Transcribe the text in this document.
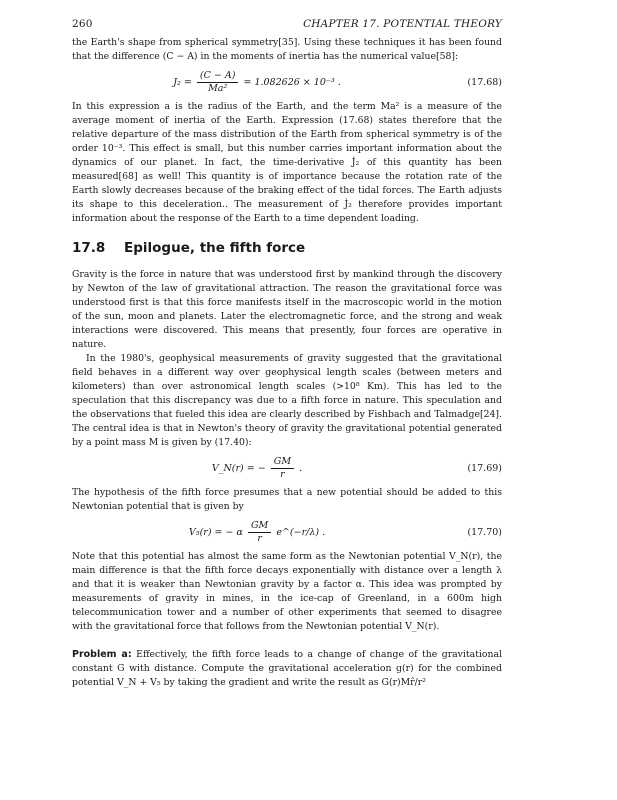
260	CHAPTER 17. POTENTIAL THEORY

the Earth's shape from spherical symmetry[35]. Using these techniques it has been found that the difference (C − A) in the moments of inertia has the numerical value[58]:

$J_2 = \frac{(C - A)}{\text{Ma²}} = 1.082626 \times 10^{-3}$ .	(17.68)

In this expression a is the radius of the Earth, and the term Ma² is a measure of the average moment of inertia of the Earth. Expression (17.68) states therefore that the relative departure of the mass distribution of the Earth from spherical symmetry is of the order 10⁻³. This effect is small, but this number carries important information about the dynamics of our planet. In fact, the time-derivative J̇₂ of this quantity has been measured[68] as well! This quantity is of importance because the rotation rate of the Earth slowly decreases because of the braking effect of the tidal forces. The Earth adjusts its shape to this deceleration.. The measurement of J̇₂ therefore provides important information about the response of the Earth to a time dependent loading.

17.8 Epilogue, the fifth force

Gravity is the force in nature that was understood first by mankind through the discovery by Newton of the law of gravitational attraction. The reason the gravitational force was understood first is that this force manifests itself in the macroscopic world in the motion of the sun, moon and planets. Later the electromagnetic force, and the strong and weak interactions were discovered. This means that presently, four forces are operative in nature.

In the 1980's, geophysical measurements of gravity suggested that the gravitational field behaves in a different way over geophysical length scales (between meters and kilometers) than over astronomical length scales (>10⁸ Km). This has led to the speculation that this discrepancy was due to a fifth force in nature. This speculation and the observations that fueled this idea are clearly described by Fishbach and Talmadge[24]. The central idea is that in Newton's theory of gravity the gravitational potential generated by a point mass M is given by (17.40):

V_N(r) = − $\frac{GM}{r}$ .	(17.69)

The hypothesis of the fifth force presumes that a new potential should be added to this Newtonian potential that is given by

V₅(r) = − α $\frac{GM}{r}$ e^(−r/λ) .	(17.70)

Note that this potential has almost the same form as the Newtonian potential V_N(r), the main difference is that the fifth force decays exponentially with distance over a length λ and that it is weaker than Newtonian gravity by a factor α. This idea was prompted by measurements of gravity in mines, in the ice-cap of Greenland, in a 600m high telecommunication tower and a number of other experiments that seemed to disagree with the gravitational force that follows from the Newtonian potential V_N(r).

Problem a: Effectively, the fifth force leads to a change of change of the gravitational constant G with distance. Compute the gravitational acceleration g(r) for the combined potential V_N + V₅ by taking the gradient and write the result as G(r)Mr̂/r²
